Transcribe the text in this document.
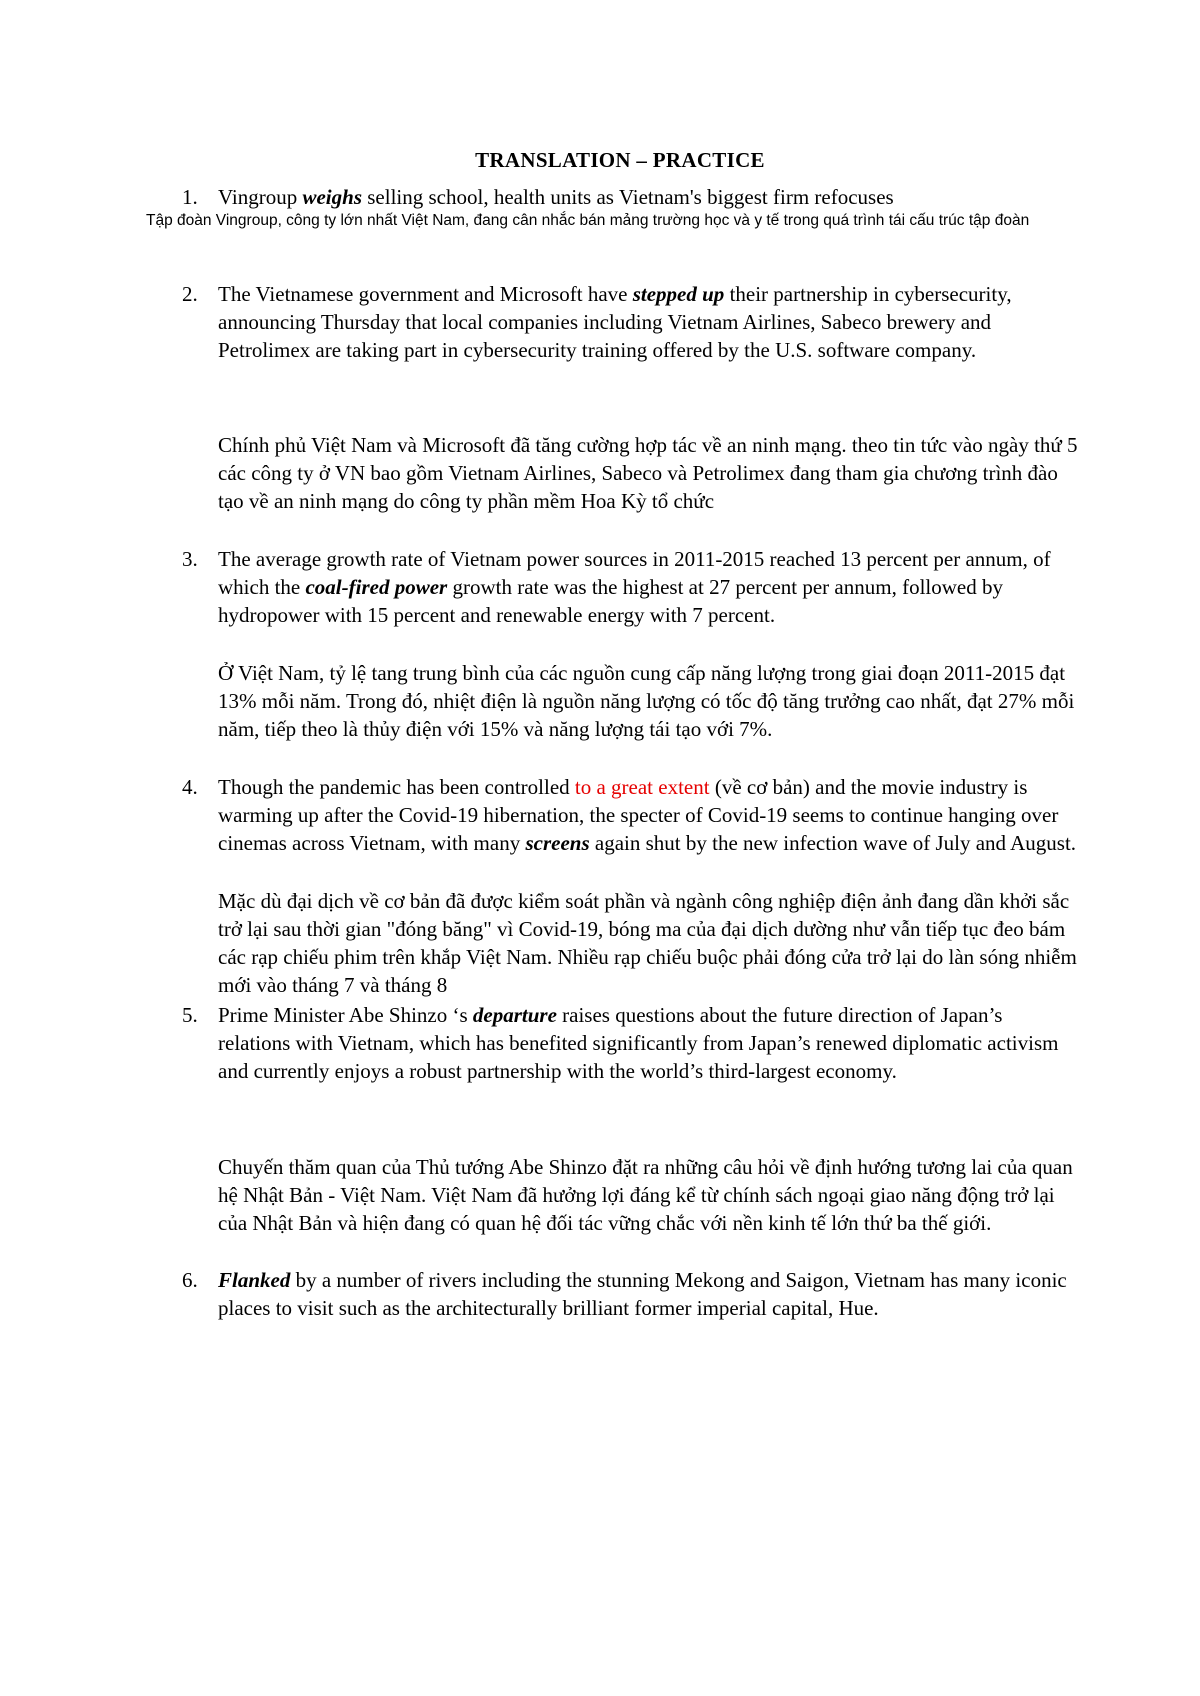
TRANSLATION – PRACTICE
1. Vingroup weighs selling school, health units as Vietnam's biggest firm refocuses
Tập đoàn Vingroup, công ty lớn nhất Việt Nam, đang cân nhắc bán mảng trường học và y tế trong quá trình tái cấu trúc tập đoàn
2. The Vietnamese government and Microsoft have stepped up their partnership in cybersecurity, announcing Thursday that local companies including Vietnam Airlines, Sabeco brewery and Petrolimex are taking part in cybersecurity training offered by the U.S. software company.
Chính phủ Việt Nam và Microsoft đã tăng cường hợp tác về an ninh mạng. theo tin tức vào ngày thứ 5 các công ty ở VN bao gồm Vietnam Airlines, Sabeco và Petrolimex đang tham gia chương trình đào tạo về an ninh mạng do công ty phần mềm Hoa Kỳ tổ chức
3. The average growth rate of Vietnam power sources in 2011-2015 reached 13 percent per annum, of which the coal-fired power growth rate was the highest at 27 percent per annum, followed by hydropower with 15 percent and renewable energy with 7 percent.
Ở Việt Nam, tỷ lệ tang trung bình của các nguồn cung cấp năng lượng trong giai đoạn 2011-2015 đạt 13% mỗi năm. Trong đó, nhiệt điện là nguồn năng lượng có tốc độ tăng trưởng cao nhất, đạt 27% mỗi năm, tiếp theo là thủy điện với 15% và năng lượng tái tạo với 7%.
4. Though the pandemic has been controlled to a great extent (về cơ bản) and the movie industry is warming up after the Covid-19 hibernation, the specter of Covid-19 seems to continue hanging over cinemas across Vietnam, with many screens again shut by the new infection wave of July and August.
Mặc dù đại dịch về cơ bản đã được kiểm soát phần và ngành công nghiệp điện ảnh đang dần khởi sắc trở lại sau thời gian "đóng băng" vì Covid-19, bóng ma của đại dịch dường như vẫn tiếp tục đeo bám các rạp chiếu phim trên khắp Việt Nam. Nhiều rạp chiếu buộc phải đóng cửa trở lại do làn sóng nhiễm mới vào tháng 7 và tháng 8
5. Prime Minister Abe Shinzo ‘s departure raises questions about the future direction of Japan’s relations with Vietnam, which has benefited significantly from Japan’s renewed diplomatic activism and currently enjoys a robust partnership with the world’s third-largest economy.
Chuyến thăm quan của Thủ tướng Abe Shinzo đặt ra những câu hỏi về định hướng tương lai của quan hệ Nhật Bản - Việt Nam. Việt Nam đã hưởng lợi đáng kể từ chính sách ngoại giao năng động trở lại của Nhật Bản và hiện đang có quan hệ đối tác vững chắc với nền kinh tế lớn thứ ba thế giới.
6. Flanked by a number of rivers including the stunning Mekong and Saigon, Vietnam has many iconic places to visit such as the architecturally brilliant former imperial capital, Hue.
